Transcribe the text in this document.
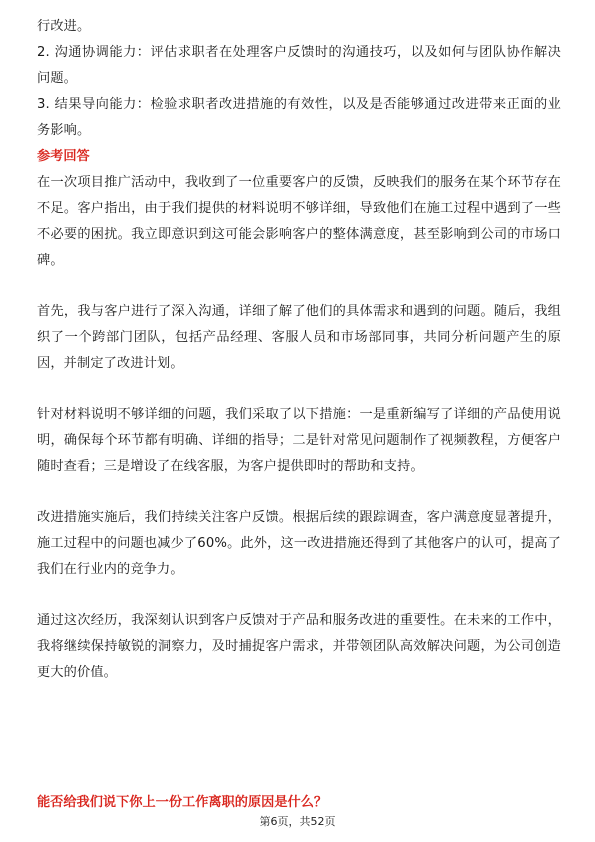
行改进。

2. 沟通协调能力：评估求职者在处理客户反馈时的沟通技巧，以及如何与团队协作解决问题。

3. 结果导向能力：检验求职者改进措施的有效性，以及是否能够通过改进带来正面的业务影响。

参考回答

在一次项目推广活动中，我收到了一位重要客户的反馈，反映我们的服务在某个环节存在不足。客户指出，由于我们提供的材料说明不够详细，导致他们在施工过程中遇到了一些不必要的困扰。我立即意识到这可能会影响客户的整体满意度，甚至影响到公司的市场口碑。

首先，我与客户进行了深入沟通，详细了解了他们的具体需求和遇到的问题。随后，我组织了一个跨部门团队，包括产品经理、客服人员和市场部同事，共同分析问题产生的原因，并制定了改进计划。

针对材料说明不够详细的问题，我们采取了以下措施：一是重新编写了详细的产品使用说明，确保每个环节都有明确、详细的指导；二是针对常见问题制作了视频教程，方便客户随时查看；三是增设了在线客服，为客户提供即时的帮助和支持。

改进措施实施后，我们持续关注客户反馈。根据后续的跟踪调查，客户满意度显著提升，施工过程中的问题也减少了60%。此外，这一改进措施还得到了其他客户的认可，提高了我们在行业内的竞争力。

通过这次经历，我深刻认识到客户反馈对于产品和服务改进的重要性。在未来的工作中，我将继续保持敏锐的洞察力，及时捕捉客户需求，并带领团队高效解决问题，为公司创造更大的价值。

能否给我们说下你上一份工作离职的原因是什么？

第6页，共52页
